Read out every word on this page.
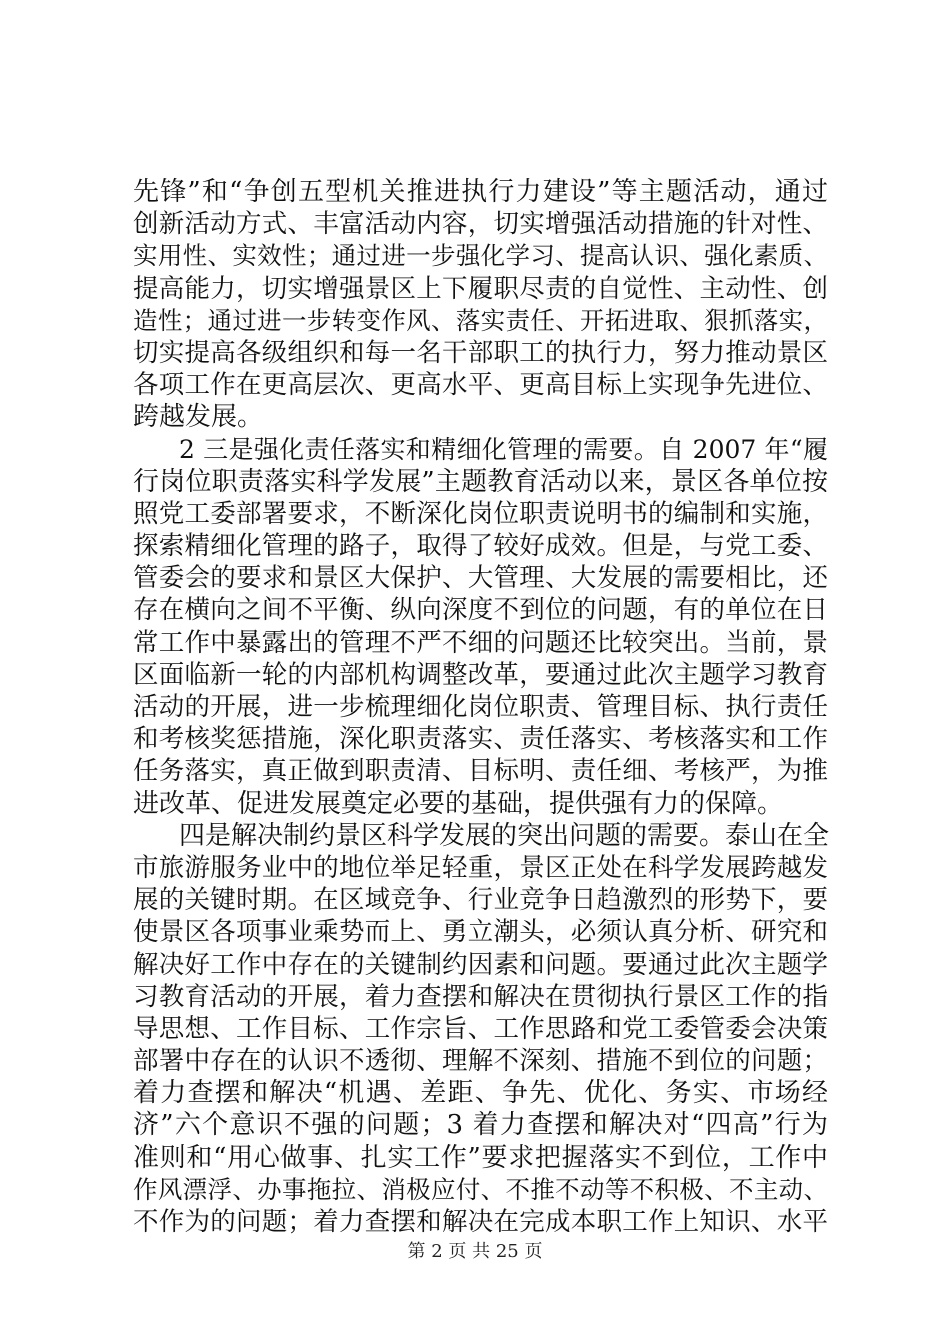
先锋”和“争创五型机关推进执行力建设”等主题活动，通过
创新活动方式、丰富活动内容，切实增强活动措施的针对性、
实用性、实效性；通过进一步强化学习、提高认识、强化素质、
提高能力，切实增强景区上下履职尽责的自觉性、主动性、创
造性；通过进一步转变作风、落实责任、开拓进取、狠抓落实，
切实提高各级组织和每一名干部职工的执行力，努力推动景区
各项工作在更高层次、更高水平、更高目标上实现争先进位、
跨越发展。
2 三是强化责任落实和精细化管理的需要。自 2007 年“履
行岗位职责落实科学发展”主题教育活动以来，景区各单位按
照党工委部署要求，不断深化岗位职责说明书的编制和实施，
探索精细化管理的路子，取得了较好成效。但是，与党工委、
管委会的要求和景区大保护、大管理、大发展的需要相比，还
存在横向之间不平衡、纵向深度不到位的问题，有的单位在日
常工作中暴露出的管理不严不细的问题还比较突出。当前，景
区面临新一轮的内部机构调整改革，要通过此次主题学习教育
活动的开展，进一步梳理细化岗位职责、管理目标、执行责任
和考核奖惩措施，深化职责落实、责任落实、考核落实和工作
任务落实，真正做到职责清、目标明、责任细、考核严，为推
进改革、促进发展奠定必要的基础，提供强有力的保障。
四是解决制约景区科学发展的突出问题的需要。泰山在全
市旅游服务业中的地位举足轻重，景区正处在科学发展跨越发
展的关键时期。在区域竞争、行业竞争日趋激烈的形势下，要
使景区各项事业乘势而上、勇立潮头，必须认真分析、研究和
解决好工作中存在的关键制约因素和问题。要通过此次主题学
习教育活动的开展，着力查摆和解决在贯彻执行景区工作的指
导思想、工作目标、工作宗旨、工作思路和党工委管委会决策
部署中存在的认识不透彻、理解不深刻、措施不到位的问题；
着力查摆和解决“机遇、差距、争先、优化、务实、市场经
济”六个意识不强的问题；3 着力查摆和解决对“四高”行为
准则和“用心做事、扎实工作”要求把握落实不到位，工作中
作风漂浮、办事拖拉、消极应付、不推不动等不积极、不主动、
不作为的问题；着力查摆和解决在完成本职工作上知识、水平
第 2 页 共 25 页
